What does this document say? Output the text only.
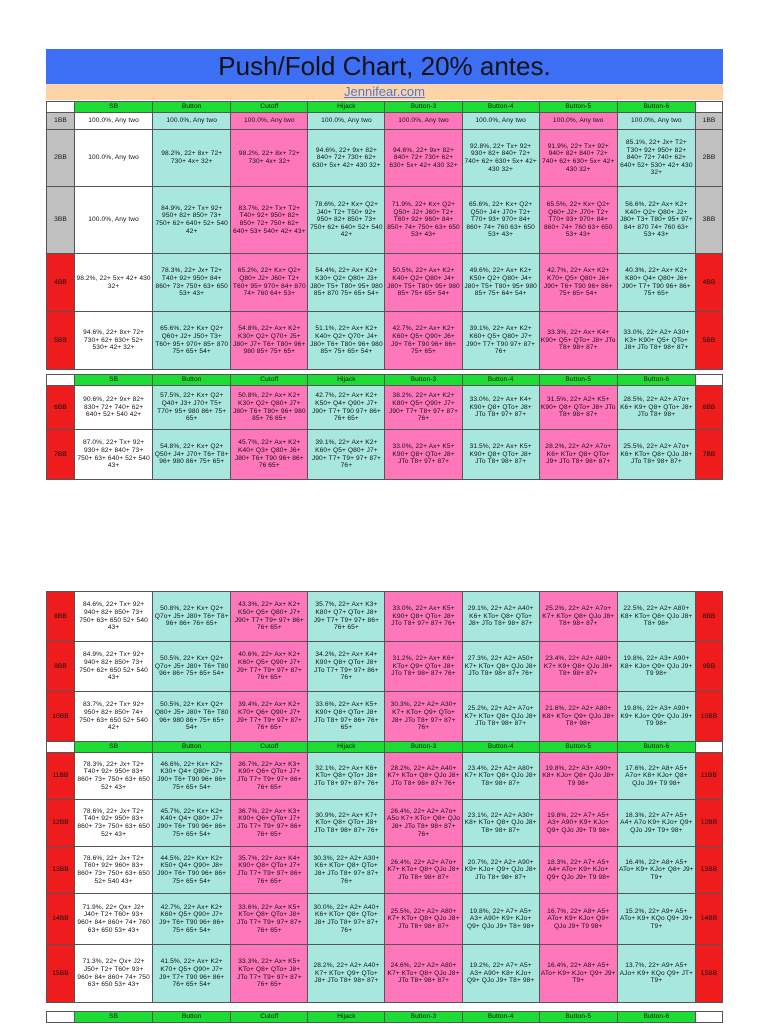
Push/Fold Chart, 20% antes.
Jennifear.com
	SB	Button	Cutoff	Hijack	Button-3	Button-4	Button-5	Button-6	
1BB	100.0%, Any two	100.0%, Any two	100.0%, Any two	100.0%, Any two	100.0%, Any two	100.0%, Any two	100.0%, Any two	100.0%, Any two	1BB
2BB	100.0%, Any two	98.2%, 22+ 8x+ 72+ 730+ 4x+ 32+	98.2%, 22+ 8x+ 72+ 730+ 4x+ 32+	94.6%, 22+ 9x+ 82+ 840+ 72+ 730+ 62+ 630+ 5x+ 42+ 430 32+	94.6%, 22+ 9x+ 82+ 840+ 72+ 730+ 62+ 630+ 5x+ 42+ 430 32+	92.8%, 22+ Tx+ 92+ 930+ 82+ 840+ 72+ 740+ 62+ 630+ 5x+ 42+ 430 32+	91.9%, 22+ Tx+ 92+ 940+ 82+ 840+ 72+ 740+ 62+ 630+ 5x+ 42+ 430 32+	85.1%, 22+ Jx+ T2+ T30+ 92+ 950+ 82+ 840+ 72+ 740+ 62+ 640+ 52+ 530+ 42+ 430 32+	2BB
3BB	100.0%, Any two	84.9%, 22+ Tx+ 92+ 950+ 82+ 850+ 73+ 750+ 62+ 640+ 52+ 540 42+	83.7%, 22+ Tx+ T2+ T40+ 92+ 950+ 82+ 850+ 72+ 750+ 62+ 640+ 53+ 540+ 42+ 43+	78.6%, 22+ Kx+ Q2+ J40+ T2+ T50+ 92+ 950+ 82+ 850+ 73+ 750+ 62+ 640+ 52+ 540 42+	71.9%, 22+ Kx+ Q2+ Q50+ J2+ J60+ T2+ T60+ 92+ 960+ 84+ 850+ 74+ 750+ 63+ 650 53+ 43+	65.6%, 22+ Kx+ Q2+ Q50+ J4+ J70+ T2+ T70+ 93+ 970+ 84+ 860+ 74+ 760 63+ 650 53+ 43+	65.5%, 22+ Kx+ Q2+ Q60+ J2+ J70+ T2+ T70+ 93+ 970+ 84+ 860+ 74+ 760 63+ 650 53+ 43+	56.6%, 22+ Ax+ K2+ K40+ Q2+ Q80+ J2+ J80+ T3+ T80+ 95+ 97+ 84+ 870 74+ 760 63+ 53+ 43+	3BB
4BB	98.2%, 22+ 5x+ 42+ 430 32+	78.3%, 22+ Jx+ T2+ T40+ 92+ 950+ 84+ 860+ 73+ 750+ 63+ 650 53+ 43+	65.2%, 22+ Kx+ Q2+ Q80+ J2+ J60+ T2+ T60+ 95+ 970+ 84+ 870 74+ 760 64+ 53+	54.4%, 22+ Ax+ K2+ K30+ Q2+ Q80+ J3+ J80+ T5+ T80+ 95+ 980 85+ 870 75+ 65+ 54+	50.5%, 22+ Ax+ K2+ K40+ Q2+ Q80+ J4+ J80+ T5+ T80+ 95+ 980 85+ 75+ 65+ 54+	49.6%, 22+ Ax+ K2+ K50+ Q2+ Q80+ J4+ J80+ T5+ T80+ 95+ 980 85+ 75+ 64+ 54+	42.7%, 22+ Ax+ K2+ K70+ Q5+ Q80+ J6+ J90+ T6+ T90 96+ 86+ 75+ 65+ 54+	40.3%, 22+ Ax+ K2+ K80+ Q4+ Q80+ J6+ J90+ T7+ T90 96+ 86+ 75+ 65+	4BB
5BB	94.6%, 22+ 8x+ 72+ 730+ 62+ 630+ 52+ 530+ 42+ 32+	65.6%, 22+ Kx+ Q2+ Q60+ J2+ J50+ T3+ T60+ 95+ 970+ 85+ 870 75+ 65+ 54+	54.8%, 22+ Ax+ K2+ K30+ Q2+ Q70+ J5+ J80+ J7+ T6+ T80+ 96+ 980 85+ 75+ 65+	51.1%, 22+ Ax+ K2+ K40+ Q2+ Q70+ J4+ J80+ T6+ T80+ 96+ 980 85+ 75+ 65+ 54+	42.7%, 22+ Ax+ K2+ K60+ Q5+ Q90+ J6+ J9+ T6+ T90 96+ 86+ 75+ 65+	39.1%, 22+ Ax+ K2+ K60+ Q5+ Q80+ J7+ J90+ T7+ T90 97+ 87+ 76+	33.3%, 22+ Ax+ K4+ K90+ Q5+ QTo+ J8+ JTo T8+ 98+ 87+	33.0%, 22+ A2+ A30+ K3+ K90+ Q5+ QTo+ J8+ JTo T8+ 98+ 87+	5BB
	SB	Button	Cutoff	Hijack	Button-3	Button-4	Button-5	Button-6	
6BB	90.6%, 22+ 9x+ 82+ 830+ 72+ 740+ 62+ 640+ 52+ 540 42+	57.5%, 22+ Kx+ Q2+ Q40+ J3+ J70+ T5+ T70+ 95+ 980 86+ 75+ 65+	50.8%, 22+ Ax+ K2+ K30+ Q2+ Q80+ J7+ J80+ T6+ T80+ 96+ 980 85+ 76 65+	42.7%, 22+ Ax+ K2+ K50+ Q4+ Q90+ J7+ J90+ T7+ T90 97+ 86+ 76+ 65+	38.2%, 22+ Ax+ K2+ K80+ Q5+ Q90+ J7+ J90+ T7+ T8+ 97+ 87+ 76+	33.0%, 22+ Ax+ K4+ K90+ Q8+ QTo+ J8+ JTo T8+ 97+ 87+	31.5%, 22+ A2+ K5+ K90+ Q8+ QTo+ J8+ JTo T8+ 98+ 87+	28.5%, 22+ A2+ A7o+ K6+ K9+ Q8+ QTo+ J8+ JTo T8+ 98+	6BB
7BB	87.0%, 22+ Tx+ 92+ 930+ 82+ 840+ 73+ 750+ 63+ 640+ 52+ 540 43+	54.8%, 22+ Kx+ Q2+ Q50+ J4+ J70+ T6+ T8+ 96+ 980 86+ 75+ 65+	45.7%, 22+ Ax+ K2+ K40+ Q3+ Q80+ J6+ J80+ T6+ T90 96+ 86+ 76 65+	39.1%, 22+ Ax+ K2+ K60+ Q5+ Q80+ J7+ J90+ T7+ T9+ 97+ 87+ 76+	33.0%, 22+ Ax+ K5+ K90+ Q8+ QTo+ J8+ JTo T8+ 97+ 87+	31.5%, 22+ Ax+ K5+ K90+ Q8+ QTo+ J8+ JTo T8+ 98+ 87+	28.2%, 22+ A2+ A7o+ K6+ KTo+ Q8+ QTo+ J9+ JTo T8+ 98+ 87+	25.5%, 22+ A2+ A7o+ K6+ KTo+ Q8+ QJo J8+ JTo T8+ 98+ 87+	7BB
8BB	84.6%, 22+ Tx+ 92+ 940+ 82+ 850+ 73+ 750+ 63+ 650 52+ 540 43+	50.8%, 22+ Kx+ Q2+ Q7o+ J5+ J80+ T6+ T8+ 96+ 86+ 76+ 65+	43.3%, 22+ Ax+ K2+ K50+ Q5+ Q80+ J7+ J90+ T7+ T9+ 97+ 86+ 76+ 65+	35.7%, 22+ Ax+ K3+ K80+ Q7+ QTo+ J8+ J9+ T7+ T9+ 97+ 86+ 76+ 65+	33.0%, 22+ Ax+ K5+ K90+ Q8+ QTo+ J8+ JTo T8+ 97+ 87+ 76+	29.1%, 22+ A2+ A40+ K6+ KTo+ Q8+ QTo+ J8+ JTo T8+ 98+ 87+	25.2%, 22+ A2+ A7o+ K7+ KTo+ Q8+ QJo J8+ T8+ 98+ 87+	22.5%, 22+ A2+ A80+ K8+ KTo+ Q8+ QJo J8+ T8+ 98+	8BB
9BB	84.9%, 22+ Tx+ 92+ 940+ 82+ 850+ 73+ 750+ 62+ 650 52+ 540 43+	50.5%, 22+ Kx+ Q2+ Q7o+ J5+ J80+ T6+ T80 96+ 86+ 75+ 65+ 54+	40.6%, 22+ Ax+ K2+ K60+ Q5+ Q90+ J7+ J9+ T7+ T9+ 97+ 87+ 76+ 65+	34.2%, 22+ Ax+ K4+ K90+ Q8+ QTo+ J8+ JTo T7+ T9+ 97+ 86+ 76+	31.2%, 22+ Ax+ K6+ KTo+ Q9+ QTo+ J8+ JTo T8+ 98+ 87+ 76+	27.3%, 22+ A2+ A50+ K7+ KTo+ Q8+ QJo J8+ JTo T8+ 98+ 87+ 76+	23.4%, 22+ A2+ A80+ K7+ K9+ Q8+ QJo J8+ T8+ 98+ 87+	19.8%, 22+ A3+ A90+ K8+ KJo+ Q9+ QJo J9+ T9 98+	9BB
10BB	83.7%, 22+ Tx+ 92+ 950+ 82+ 850+ 74+ 750+ 63+ 650 52+ 540 42+	50.5%, 22+ Kx+ Q2+ Q80+ J5+ J80+ T6+ T80 96+ 980 86+ 75+ 65+ 54+	39.4%, 22+ Ax+ K2+ K70+ Q6+ Q90+ J7+ J9+ T7+ T9+ 97+ 87+ 76+ 65+	33.6%, 22+ Ax+ K5+ K90+ Q8+ QTo+ J8+ JTo T8+ 97+ 86+ 76+ 65+	30.3%, 22+ A2+ A30+ K7+ KTo+ Q9+ QTo+ J8+ JTo T8+ 97+ 87+ 76+	25.2%, 22+ A2+ A7o+ K7+ KTo+ Q8+ QJo J8+ JTo T8+ 98+ 87+	21.6%, 22+ A2+ A80+ K8+ KTo+ Q9+ QJo J8+ T8+ 98+	19.8%, 22+ A3+ A90+ K9+ KJo+ Q9+ QJo J9+ T9 98+	10BB
	SB	Button	Cutoff	Hijack	Button-3	Button-4	Button-5	Button-6	
11BB	78.3%, 22+ Jx+ T2+ T40+ 92+ 950+ 83+ 860+ 73+ 750+ 63+ 650 52+ 43+	46.6%, 22+ Kx+ K2+ K30+ Q4+ Q80+ J7+ J90+ T6+ T90 96+ 86+ 75+ 65+ 54+	36.7%, 22+ Ax+ K3+ K90+ Q6+ QTo+ J7+ JTo T7+ T9+ 97+ 86+ 76+ 65+	32.1%, 22+ Ax+ K6+ KTo+ Q8+ QTo+ J8+ JTo T8+ 97+ 87+ 76+	28.2%, 22+ A2+ A40+ K7+ KTo+ Q8+ QJo J8+ JTo T8+ 98+ 87+ 76+	23.4%, 22+ A2+ A80+ K7+ KTo+ Q8+ QJo J8+ T8+ 98+ 87+	19.8%, 22+ A3+ A90+ K8+ KJo+ Q8+ QJo J8+ T9 98+	17.6%, 22+ A8+ A5+ A7o+ K8+ KJo+ Q8+ QJo J9+ T9 98+	11BB
12BB	78.6%, 22+ Jx+ T2+ T40+ 92+ 950+ 83+ 860+ 73+ 750+ 63+ 650 52+ 43+	45.7%, 22+ Kx+ K2+ K40+ Q4+ Q80+ J7+ J90+ T6+ T90 96+ 86+ 75+ 65+ 54+	36.7%, 22+ Ax+ K3+ K90+ Q6+ QTo+ J7+ JTo T7+ T9+ 97+ 86+ 76+ 65+	30.9%, 22+ Ax+ K7+ KTo+ Q8+ QTo+ J8+ JTo T8+ 98+ 87+ 76+	26.4%, 22+ A2+ A7o+ A5o K7+ KTo+ Q8+ QJo J8+ JTo T8+ 98+ 87+ 76+	23.1%, 22+ A2+ A30+ K8+ KTo+ Q8+ QJo J8+ T8+ 98+ 87+	19.8%, 22+ A7+ A5+ A3+ A90+ K9+ KJo+ Q9+ QJo J9+ T9 98+	18.3%, 22+ A7+ A5+ A4+ A7o K9+ KJo+ Q9+ QJo J9+ T9+ 98+	12BB
13BB	78.6%, 22+ Jx+ T2+ T60+ 92+ 960+ 83+ 860+ 73+ 750+ 63+ 650 52+ 540 43+	44.5%, 22+ Kx+ K2+ K50+ Q4+ Q90+ J8+ J90+ T6+ T90 96+ 86+ 75+ 65+ 54+	35.7%, 22+ Ax+ K4+ K90+ Q8+ QTo+ J7+ JTo T7+ T9+ 97+ 86+ 76+ 65+	30.3%, 22+ A2+ A30+ K6+ KTo+ Q8+ QTo+ J8+ JTo T8+ 97+ 87+ 76+	26.4%, 22+ A2+ A7o+ K7+ KTo+ Q8+ QJo J8+ JTo T8+ 98+ 87+	20.7%, 22+ A2+ A90+ K9+ KJo+ Q9+ QJo J8+ JTo T8+ 98+ 87+	18.3%, 22+ A7+ A5+ A4+ ATo+ K9+ KJo+ Q9+ QJo J9+ T9 98+	16.4%, 22+ A8+ A5+ ATo+ K9+ KJo+ Q8+ J9+ T9+	13BB
14BB	71.9%, 22+ Qx+ J2+ J40+ T2+ T60+ 93+ 960+ 84+ 860+ 74+ 760 63+ 650 53+ 43+	42.7%, 22+ Ax+ K2+ K60+ Q5+ Q90+ J7+ J9+ T6+ T90 96+ 86+ 75+ 65+ 54+	33.6%, 22+ Ax+ K5+ KTo+ Q8+ QTo+ J8+ JTo T7+ T9+ 97+ 87+ 76+ 65+	30.0%, 22+ A2+ A40+ K6+ KTo+ Q8+ QTo+ J8+ JTo T8+ 97+ 87+ 76+	25.5%, 22+ A2+ A80+ K7+ KTo+ Q8+ QJo J8+ JTo T8+ 98+ 87+	19.8%, 22+ A7+ A5+ A3+ A90+ K9+ KJo+ Q9+ QJo J9+ T8+ 98+	16.7%, 22+ A8+ A5+ ATo+ K9+ KJo+ Q9+ QJo J9+ T9 98+	15.2%, 22+ A9+ A5+ ATo+ K9+ KQo Q9+ J9+ T9+	14BB
15BB	71.3%, 22+ Qx+ J2+ J50+ T2+ T60+ 93+ 960+ 84+ 860+ 74+ 750 63+ 650 53+ 43+	41.5%, 22+ Ax+ K2+ K70+ Q5+ Q90+ J7+ J9+ T7+ T90 96+ 86+ 76+ 65+ 54+	33.3%, 22+ Ax+ K5+ KTo+ Q8+ QTo+ J8+ JTo T7+ T9+ 97+ 87+ 76+ 65+	28.2%, 22+ A2+ A40+ K7+ KTo+ Q9+ QTo+ J8+ JTo T8+ 98+ 87+	24.6%, 22+ A2+ A80+ K7+ KTo+ Q8+ QJo J8+ JTo T8+ 98+ 87+	19.2%, 22+ A7+ A5+ A3+ A90+ K8+ KJo+ Q9+ QJo J9+ T8+ 98+	16.4%, 22+ A8+ A5+ ATo+ K9+ KJo+ Q9+ J9+ T9+	13.7%, 22+ A9+ A5+ AJo+ K9+ KQo Q9+ JT+ T9+	15BB
	SB	Button	Cutoff	Hijack	Button-3	Button-4	Button-5	Button-6	
